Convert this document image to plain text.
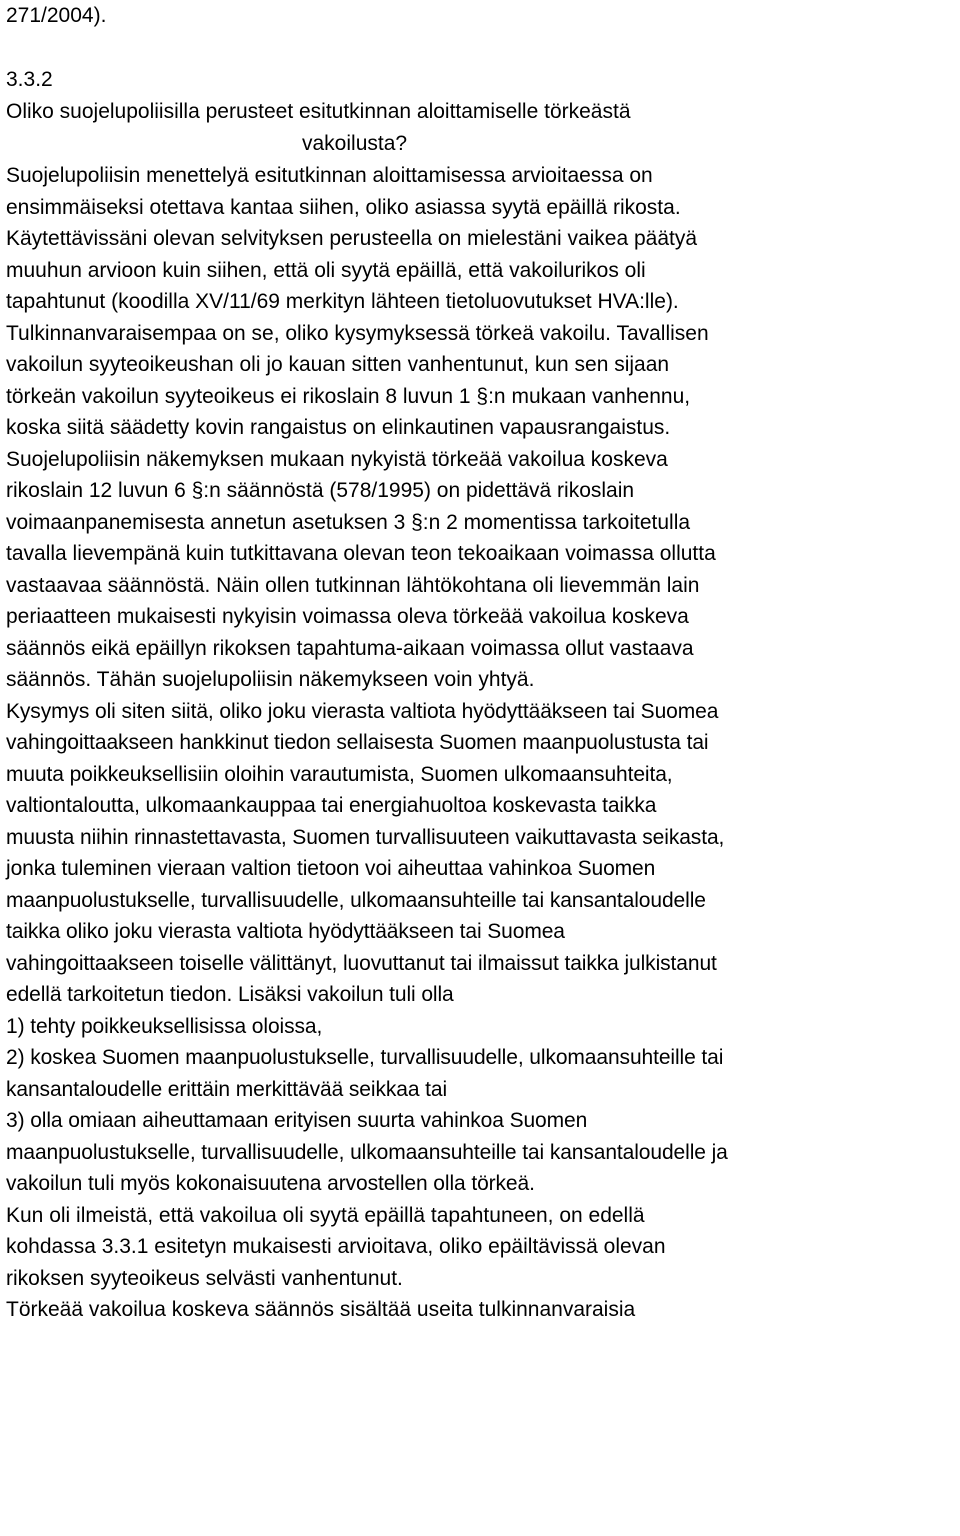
271/2004).
3.3.2
Oliko suojelupoliisilla perusteet esitutkinnan aloittamiselle törkeästä
vakoilusta?
Suojelupoliisin menettelyä esitutkinnan aloittamisessa arvioitaessa on
ensimmäiseksi otettava kantaa siihen, oliko asiassa syytä epäillä rikosta.
Käytettävissäni olevan selvityksen perusteella on mielestäni vaikea päätyä
muuhun arvioon kuin siihen, että oli syytä epäillä, että vakoilurikos oli
tapahtunut (koodilla XV/11/69 merkityn lähteen tietoluovutukset HVA:lle).
Tulkinnanvaraisempaa on se, oliko kysymyksessä törkeä vakoilu. Tavallisen
vakoilun syyteoikeushan oli jo kauan sitten vanhentunut, kun sen sijaan
törkeän vakoilun syyteoikeus ei rikoslain 8 luvun 1 §:n mukaan vanhennu,
koska siitä säädetty kovin rangaistus on elinkautinen vapausrangaistus.
Suojelupoliisin näkemyksen mukaan nykyistä törkeää vakoilua koskeva
rikoslain 12 luvun 6 §:n säännöstä (578/1995) on pidettävä rikoslain
voimaanpanemisesta annetun asetuksen 3 §:n 2 momentissa tarkoitetulla
tavalla lievempänä kuin tutkittavana olevan teon tekoaikaan voimassa ollutta
vastaavaa säännöstä. Näin ollen tutkinnan lähtökohtana oli lievemmän lain
periaatteen mukaisesti nykyisin voimassa oleva törkeää vakoilua koskeva
säännös eikä epäillyn rikoksen tapahtuma-aikaan voimassa ollut vastaava
säännös. Tähän suojelupoliisin näkemykseen voin yhtyä.
Kysymys oli siten siitä, oliko joku vierasta valtiota hyödyttääkseen tai Suomea
vahingoittaakseen hankkinut tiedon sellaisesta Suomen maanpuolustusta tai
muuta poikkeuksellisiin oloihin varautumista, Suomen ulkomaansuhteita,
valtiontaloutta, ulkomaankauppaa tai energiahuoltoa koskevasta taikka
muusta niihin rinnastettavasta, Suomen turvallisuuteen vaikuttavasta seikasta,
jonka tuleminen vieraan valtion tietoon voi aiheuttaa vahinkoa Suomen
maanpuolustukselle, turvallisuudelle, ulkomaansuhteille tai kansantaloudelle
taikka oliko joku vierasta valtiota hyödyttääkseen tai Suomea
vahingoittaakseen toiselle välittänyt, luovuttanut tai ilmaissut taikka julkistanut
edellä tarkoitetun tiedon. Lisäksi vakoilun tuli olla
1) tehty poikkeuksellisissa oloissa,
2) koskea Suomen maanpuolustukselle, turvallisuudelle, ulkomaansuhteille tai
kansantaloudelle erittäin merkittävää seikkaa tai
3) olla omiaan aiheuttamaan erityisen suurta vahinkoa Suomen
maanpuolustukselle, turvallisuudelle, ulkomaansuhteille tai kansantaloudelle ja
vakoilun tuli myös kokonaisuutena arvostellen olla törkeä.
Kun oli ilmeistä, että vakoilua oli syytä epäillä tapahtuneen, on edellä
kohdassa 3.3.1 esitetyn mukaisesti arvioitava, oliko epäiltävissä olevan
rikoksen syyteoikeus selvästi vanhentunut.
Törkeää vakoilua koskeva säännös sisältää useita tulkinnanvaraisia
